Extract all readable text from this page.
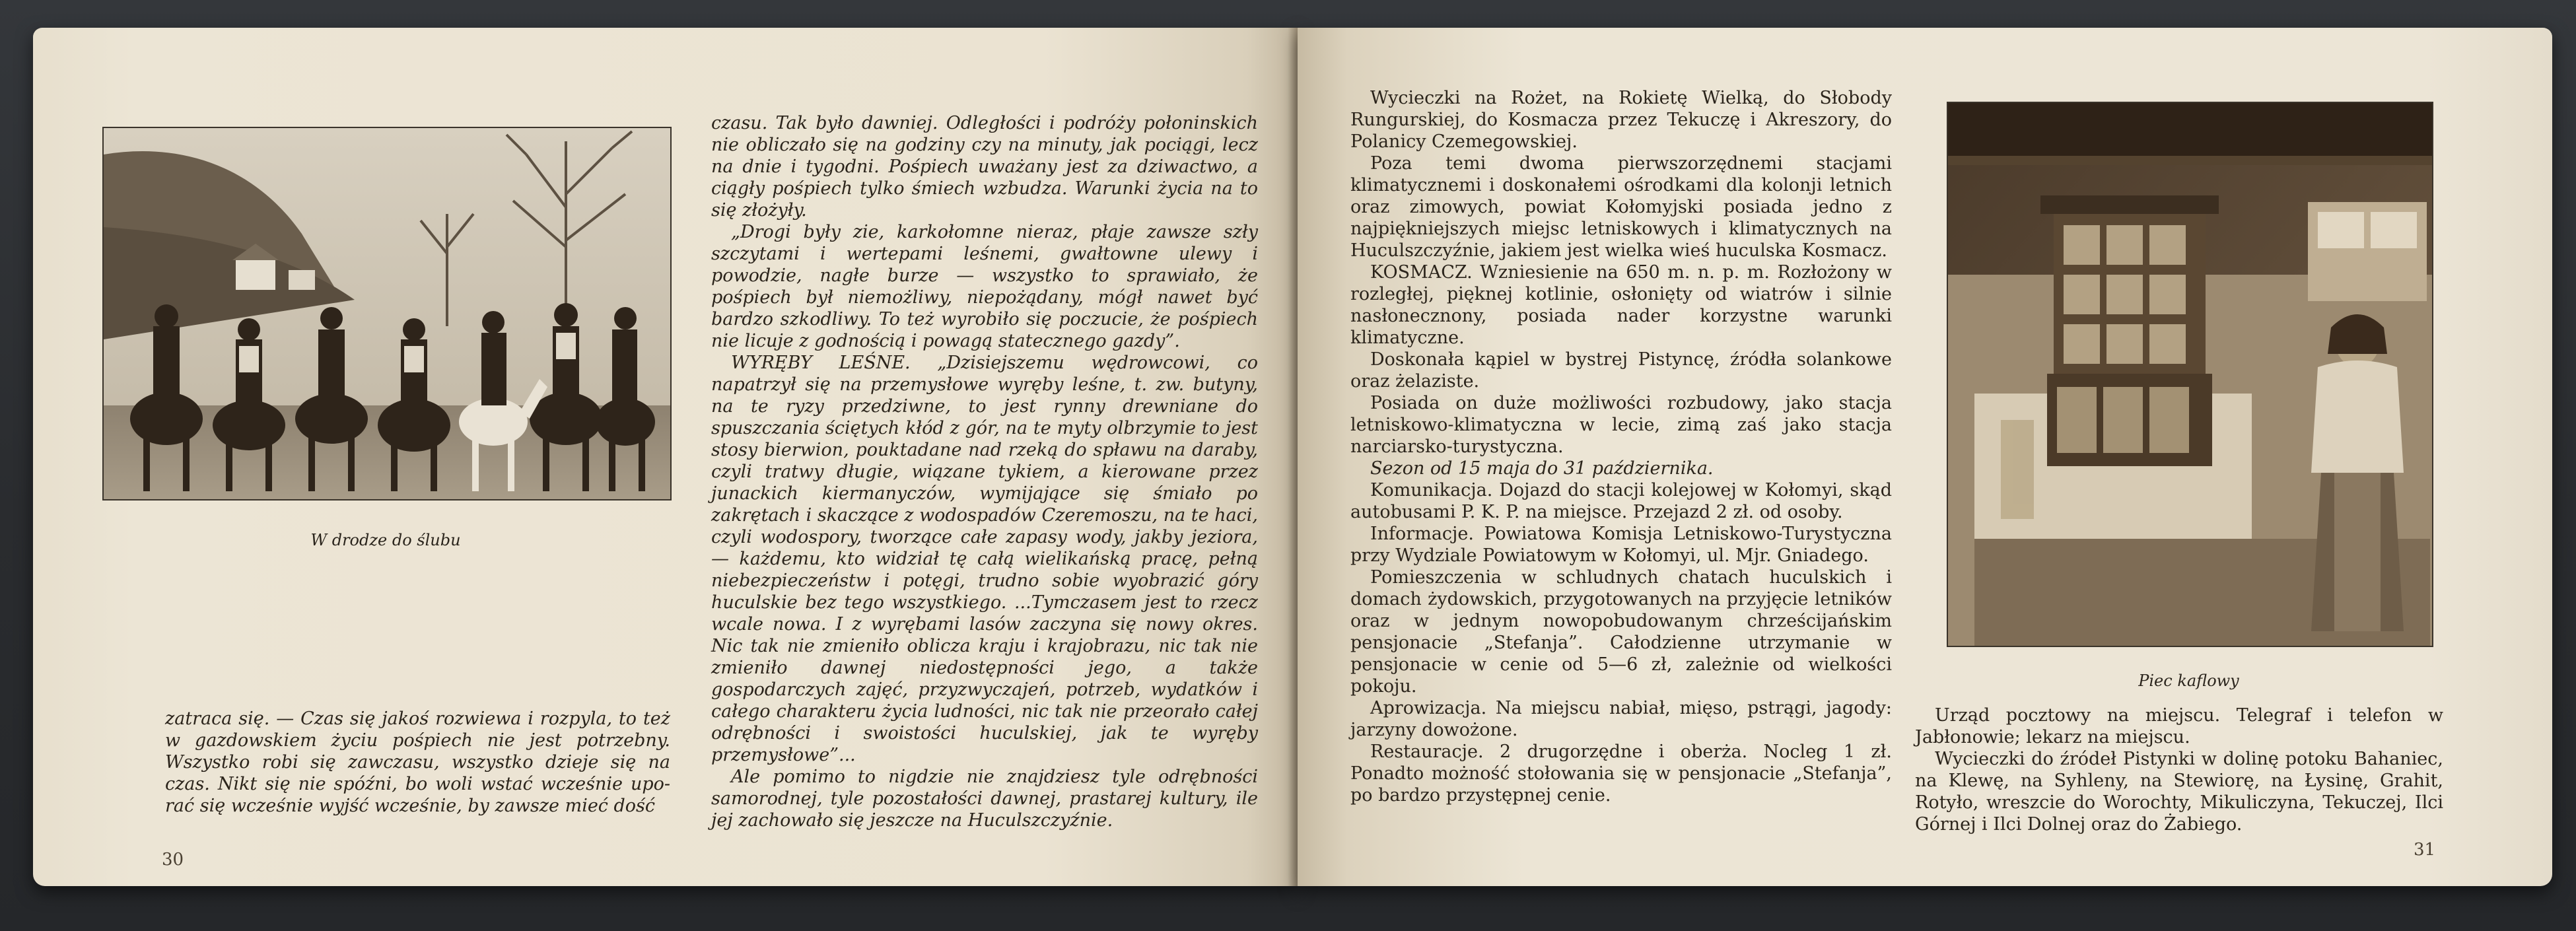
W drodze do ślubu

czasu. Tak było dawniej. Odległości i podróży połoninskich nie obliczało się na godziny czy na minuty, jak pociągi, lecz na dnie i tygodni. Pośpiech uważany jest za dziwactwo, a ciągły pośpiech tylko śmiech wzbudza. Warunki życia na to się złożyły.

„Drogi były zie, karkołomne nieraz, płaje zawsze szły szczytami i wertepami leśnemi, gwałtowne ulewy i powodzie, nagłe burze — wszystko to sprawiało, że pośpiech był niemożliwy, niepożądany, mógł nawet być bardzo szkodliwy. To też wyrobiło się poczucie, że pośpiech nie licuje z godnością i powagą statecznego gazdy”.

WYRĘBY LEŚNE. „Dzisiejszemu wędrowcowi, co napatrzył się na przemysłowe wyręby leśne, t. zw. butyny, na te ryzy przedziwne, to jest rynny drewniane do spuszczania ściętych kłód z gór, na te myty olbrzymie to jest stosy bierwion, pouktadane nad rzeką do spławu na daraby, czyli tratwy długie, wiązane tykiem, a kierowane przez junackich kiermanyczów, wymijające się śmiało po zakrętach i skaczące z wodospadów Czeremoszu, na te haci, czyli wodospory, tworzące całe zapasy wody, jakby jeziora, — każdemu, kto widział tę całą wielikańską pracę, pełną niebezpieczeństw i potęgi, trudno sobie wyobrazić góry huculskie bez tego wszystkiego. ...Tymczasem jest to rzecz wcale nowa. I z wyrębami lasów zaczyna się nowy okres. Nic tak nie zmieniło oblicza kraju i krajobrazu, nic tak nie zmieniło dawnej niedostępności jego, a także gospodarczych zajęć, przyzwyczajeń, potrzeb, wydatków i całego charakteru życia ludności, nic tak nie przeorało całej odrębności i swoistości huculskiej, jak te wyręby przemysłowe”...

Ale pomimo to nigdzie nie znajdziesz tyle odrębności samorodnej, tyle pozostałości dawnej, prastarej kultury, ile jej zachowało się jeszcze na Huculszczyźnie.

zatraca się. — Czas się jakoś rozwiewa i rozpyla, to też w gazdowskiem życiu pośpiech nie jest potrzebny. Wszystko robi się zawczasu, wszystko dzieje się na czas. Nikt się nie spóźni, bo woli wstać wcześnie upo-rać się wcześnie wyjść wcześnie, by zawsze mieć dość

30

Wycieczki na Rożet, na Rokietę Wielką, do Słobody Rungurskiej, do Kosmacza przez Tekuczę i Akreszory, do Polanicy Czemegowskiej.

Poza temi dwoma pierwszorzędnemi stacjami klimatycznemi i doskonałemi ośrodkami dla kolonji letnich oraz zimowych, powiat Kołomyjski posiada jedno z najpiękniejszych miejsc letniskowych i klimatycznych na Huculszczyźnie, jakiem jest wielka wieś huculska Kosmacz.

KOSMACZ. Wzniesienie na 650 m. n. p. m. Rozłożony w rozległej, pięknej kotlinie, osłonięty od wiatrów i silnie nasłonecznony, posiada nader korzystne warunki klimatyczne.

Doskonała kąpiel w bystrej Pistyncę, źródła solankowe oraz żelaziste.

Posiada on duże możliwości rozbudowy, jako stacja letniskowo-klimatyczna w lecie, zimą zaś jako stacja narciarsko-turystyczna.

Sezon od 15 maja do 31 października.

Komunikacja. Dojazd do stacji kolejowej w Kołomyi, skąd autobusami P. K. P. na miejsce. Przejazd 2 zł. od osoby.

Informacje. Powiatowa Komisja Letniskowo-Turystyczna przy Wydziale Powiatowym w Kołomyi, ul. Mjr. Gniadego.

Pomieszczenia w schludnych chatach huculskich i domach żydowskich, przygotowanych na przyjęcie letników oraz w jednym nowopobudowanym chrześcijańskim pensjonacie „Stefanja”. Całodzienne utrzymanie w pensjonacie w cenie od 5—6 zł, zależnie od wielkości pokoju.

Aprowizacja. Na miejscu nabiał, mięso, pstrągi, jagody: jarzyny dowożone.

Restauracje. 2 drugorzędne i oberża. Nocleg 1 zł. Ponadto możność stołowania się w pensjonacie „Stefanja”, po bardzo przystępnej cenie.

Piec kaflowy

Urząd pocztowy na miejscu. Telegraf i telefon w Jabłonowie; lekarz na miejscu.

Wycieczki do źródeł Pistynki w dolinę potoku Bahaniec, na Klewę, na Syhleny, na Stewiorę, na Łysinę, Grahit, Rotyło, wreszcie do Worochty, Mikuliczyna, Tekuczej, Ilci Górnej i Ilci Dolnej oraz do Żabiego.

31
